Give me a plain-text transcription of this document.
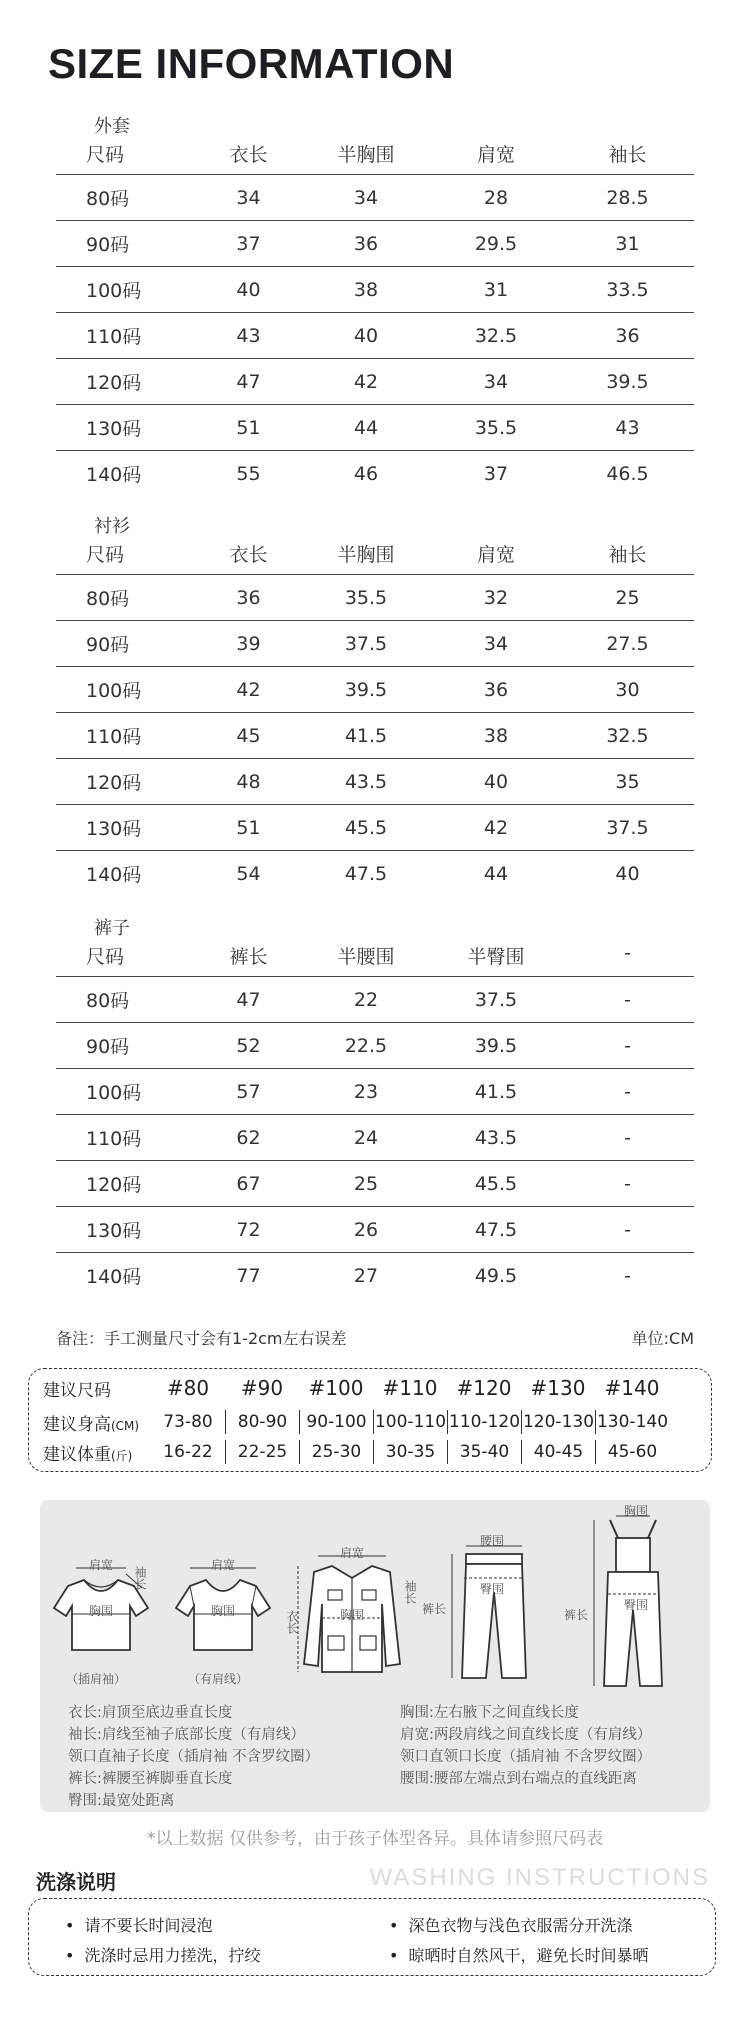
SIZE INFORMATION
外套
尺码	衣长	半胸围	肩宽	袖长
80码	34	34	28	28.5
90码	37	36	29.5	31
100码	40	38	31	33.5
110码	43	40	32.5	36
120码	47	42	34	39.5
130码	51	44	35.5	43
140码	55	46	37	46.5
衬衫
尺码	衣长	半胸围	肩宽	袖长
80码	36	35.5	32	25
90码	39	37.5	34	27.5
100码	42	39.5	36	30
110码	45	41.5	38	32.5
120码	48	43.5	40	35
130码	51	45.5	42	37.5
140码	54	47.5	44	40
裤子
尺码	裤长	半腰围	半臀围	-
80码	47	22	37.5	-
90码	52	22.5	39.5	-
100码	57	23	41.5	-
110码	62	24	43.5	-
120码	67	25	45.5	-
130码	72	26	47.5	-
140码	77	27	49.5	-
备注：手工测量尺寸会有1-2cm左右误差	单位:CM
建议尺码	#80	#90	#100 #110 #120 #130 #140
建议身高(CM)	73-80	80-90	90-100 100-110 110-120 120-130 130-140
建议体重(斤)	16-22	22-25	25-30	30-35	35-40	40-45	45-60
肩宽
胸围
袖长
（插肩袖）
肩宽
胸围
（有肩线）
肩宽
胸围
衣长
袖长
腰围
臀围
裤长
胸围
臀围
裤长
衣长:肩顶至底边垂直长度
袖长:肩线至袖子底部长度（有肩线）
领口直袖子长度（插肩袖 不含罗纹圈）
裤长:裤腰至裤脚垂直长度
臀围:最宽处距离
胸围:左右腋下之间直线长度
肩宽:两段肩线之间直线长度（有肩线）
领口直领口长度（插肩袖 不含罗纹圈）
腰围:腰部左端点到右端点的直线距离
*以上数据 仅供参考，由于孩子体型各异。具体请参照尺码表
洗涤说明	WASHING INSTRUCTIONS
• 请不要长时间浸泡	• 深色衣物与浅色衣服需分开洗涤
• 洗涤时忌用力搓洗，拧绞	• 晾晒时自然风干，避免长时间暴晒
